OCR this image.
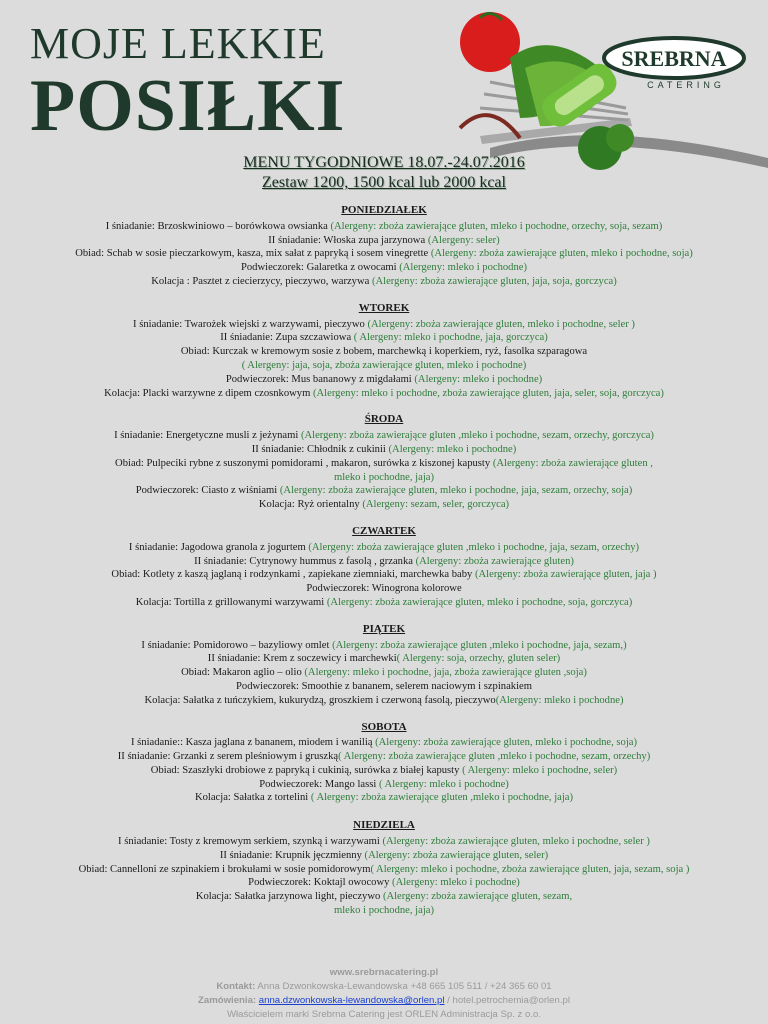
MOJE LEKKIE
POSIŁKI
SREBRNA
CATERING
MENU TYGODNIOWE 18.07.-24.07.2016
Zestaw 1200, 1500 kcal lub 2000 kcal
PONIEDZIAŁEK
I śniadanie: Brzoskwiniowo – borówkowa owsianka (Alergeny: zboża zawierające gluten, mleko i pochodne, orzechy, soja, sezam)
II śniadanie: Włoska zupa jarzynowa (Alergeny: seler)
Obiad: Schab w sosie pieczarkowym, kasza, mix sałat z papryką i sosem vinegrette (Alergeny: zboża zawierające gluten, mleko i pochodne, soja)
Podwieczorek: Galaretka z owocami (Alergeny: mleko i pochodne)
Kolacja : Pasztet z ciecierzycy, pieczywo, warzywa (Alergeny: zboża zawierające gluten, jaja, soja, gorczyca)
WTOREK
I śniadanie: Twarożek wiejski z warzywami, pieczywo (Alergeny: zboża zawierające gluten, mleko i pochodne, seler )
II śniadanie: Zupa szczawiowa ( Alergeny: mleko i pochodne, jaja, gorczyca)
Obiad: Kurczak w kremowym sosie z bobem, marchewką i koperkiem, ryż, fasolka szparagowa
( Alergeny: jaja, soja, zboża zawierające gluten, mleko i pochodne)
Podwieczorek: Mus bananowy z migdałami (Alergeny: mleko i pochodne)
Kolacja: Placki warzywne z dipem czosnkowym (Alergeny: mleko i pochodne, zboża zawierające gluten, jaja, seler, soja, gorczyca)
ŚRODA
I śniadanie: Energetyczne musli z jeżynami (Alergeny: zboża zawierające gluten ,mleko i pochodne, sezam, orzechy, gorczyca)
II śniadanie: Chłodnik z cukinii (Alergeny: mleko i pochodne)
Obiad: Pulpeciki rybne z suszonymi pomidorami , makaron, surówka z kiszonej kapusty (Alergeny: zboża zawierające gluten ,
mleko i pochodne, jaja)
Podwieczorek: Ciasto z wiśniami (Alergeny: zboża zawierające gluten, mleko i pochodne, jaja, sezam, orzechy, soja)
Kolacja: Ryż orientalny (Alergeny: sezam, seler, gorczyca)
CZWARTEK
I śniadanie: Jagodowa granola z jogurtem (Alergeny: zboża zawierające gluten ,mleko i pochodne, jaja, sezam, orzechy)
II śniadanie: Cytrynowy hummus z fasolą , grzanka (Alergeny: zboża zawierające gluten)
Obiad: Kotlety z kaszą jaglaną i rodzynkami , zapiekane ziemniaki, marchewka baby (Alergeny: zboża zawierające gluten, jaja )
Podwieczorek: Winogrona kolorowe
Kolacja: Tortilla z grillowanymi warzywami (Alergeny: zboża zawierające gluten, mleko i pochodne, soja, gorczyca)
PIĄTEK
I śniadanie: Pomidorowo – bazyliowy omlet (Alergeny: zboża zawierające gluten ,mleko i pochodne, jaja, sezam,)
II śniadanie: Krem z soczewicy i marchewki( Alergeny: soja, orzechy, gluten seler)
Obiad: Makaron aglio – olio (Alergeny: mleko i pochodne, jaja, zboża zawierające gluten ,soja)
Podwieczorek: Smoothie z bananem, selerem naciowym i szpinakiem
Kolacja: Sałatka z tuńczykiem, kukurydzą, groszkiem i czerwoną fasolą, pieczywo(Alergeny: mleko i pochodne)
SOBOTA
I śniadanie:: Kasza jaglana z bananem, miodem i wanilią (Alergeny: zboża zawierające gluten, mleko i pochodne, soja)
II śniadanie: Grzanki z serem pleśniowym i gruszką( Alergeny: zboża zawierające gluten ,mleko i pochodne, sezam, orzechy)
Obiad: Szaszłyki drobiowe z papryką i cukinią, surówka z białej kapusty ( Alergeny: mleko i pochodne, seler)
Podwieczorek: Mango lassi ( Alergeny: mleko i pochodne)
Kolacja: Sałatka z tortelini ( Alergeny: zboża zawierające gluten ,mleko i pochodne, jaja)
NIEDZIELA
I śniadanie: Tosty z kremowym serkiem, szynką i warzywami (Alergeny: zboża zawierające gluten, mleko i pochodne, seler )
II śniadanie: Krupnik jęczmienny (Alergeny: zboża zawierające gluten, seler)
Obiad: Cannelloni ze szpinakiem i brokułami w sosie pomidorowym( Alergeny: mleko i pochodne, zboża zawierające gluten, jaja, sezam, soja )
Podwieczorek: Koktajl owocowy (Alergeny: mleko i pochodne)
Kolacja: Sałatka jarzynowa light, pieczywo (Alergeny: zboża zawierające gluten, sezam,
mleko i pochodne, jaja)
www.srebrnacatering.pl
Kontakt: Anna Dzwonkowska-Lewandowska +48 665 105 511 / +24 365 60 01
Zamówienia: anna.dzwonkowska-lewandowska@orlen.pl / hotel.petrochemia@orlen.pl
Właścicielem marki Srebrna Catering jest ORLEN Administracja Sp. z o.o.
